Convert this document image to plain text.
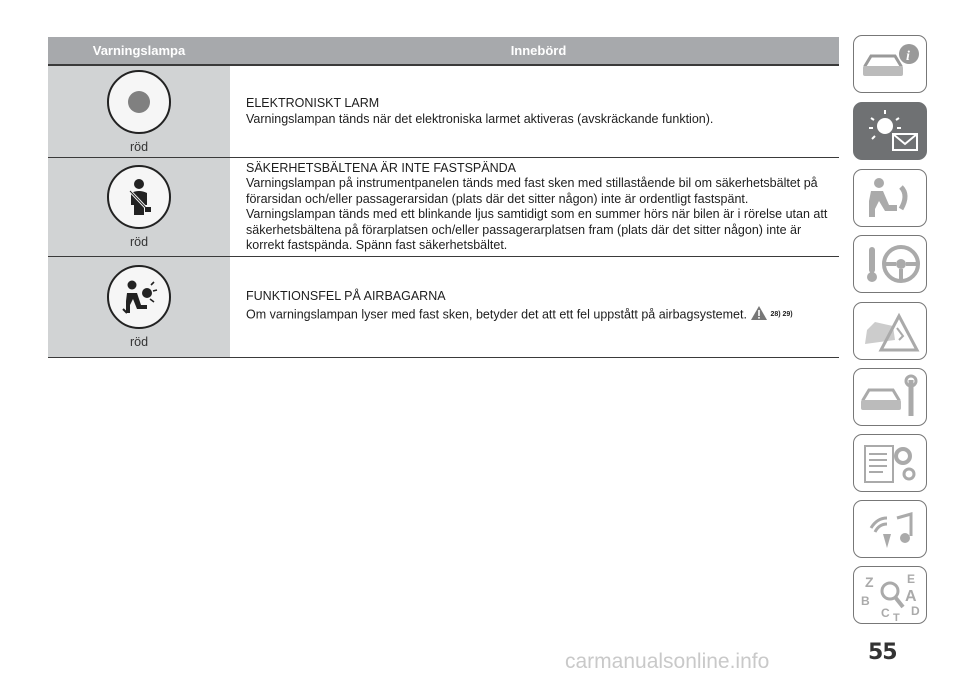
Varningslampa	Innebörd
röd
ELEKTRONISKT LARM
Varningslampan tänds när det elektroniska larmet aktiveras (avskräckande funktion).
röd
SÄKERHETSBÄLTENA ÄR INTE FASTSPÄNDA
Varningslampan på instrumentpanelen tänds med fast sken med stillastående bil om säkerhetsbältet på förarsidan och/eller passagerarsidan (plats där det sitter någon) inte är ordentligt fastspänt. Varningslampan tänds med ett blinkande ljus samtidigt som en summer hörs när bilen är i rörelse utan att säkerhetsbältena på förarplatsen och/eller passagerarplatsen fram (plats där det sitter någon) inte är korrekt fastspända. Spänn fast säkerhetsbältet.
röd
FUNKTIONSFEL PÅ AIRBAGARNA
Om varningslampan lyser med fast sken, betyder det att ett fel uppstått på airbagsystemet.	28) 29)
i
Z	E
A
B
C D
T
55
carmanualsonline.info
